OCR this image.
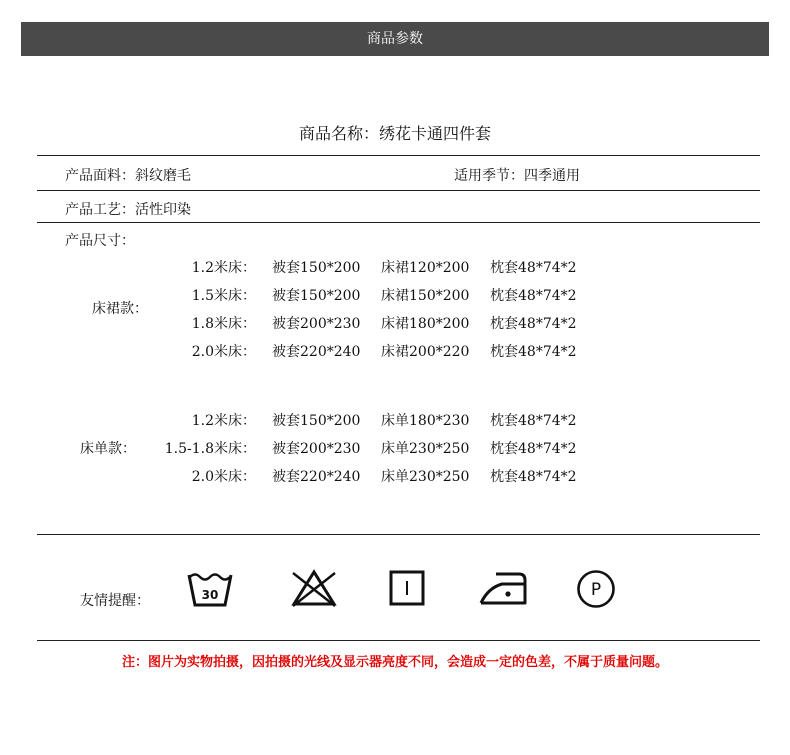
商品参数
商品名称：绣花卡通四件套
产品面料：斜纹磨毛	适用季节：四季通用
产品工艺：活性印染
产品尺寸：
床裙款：
1.2米床： 被套150*200 床裙120*200 枕套48*74*2
1.5米床： 被套150*200 床裙150*200 枕套48*74*2
1.8米床： 被套200*230 床裙180*200 枕套48*74*2
2.0米床： 被套220*240 床裙200*220 枕套48*74*2
床单款：
1.2米床： 被套150*200 床单180*230 枕套48*74*2
1.5-1.8米床： 被套200*230 床单230*250 枕套48*74*2
2.0米床： 被套220*240 床单230*250 枕套48*74*2
友情提醒：	30	P
注：图片为实物拍摄，因拍摄的光线及显示器亮度不同，会造成一定的色差，不属于质量问题。
